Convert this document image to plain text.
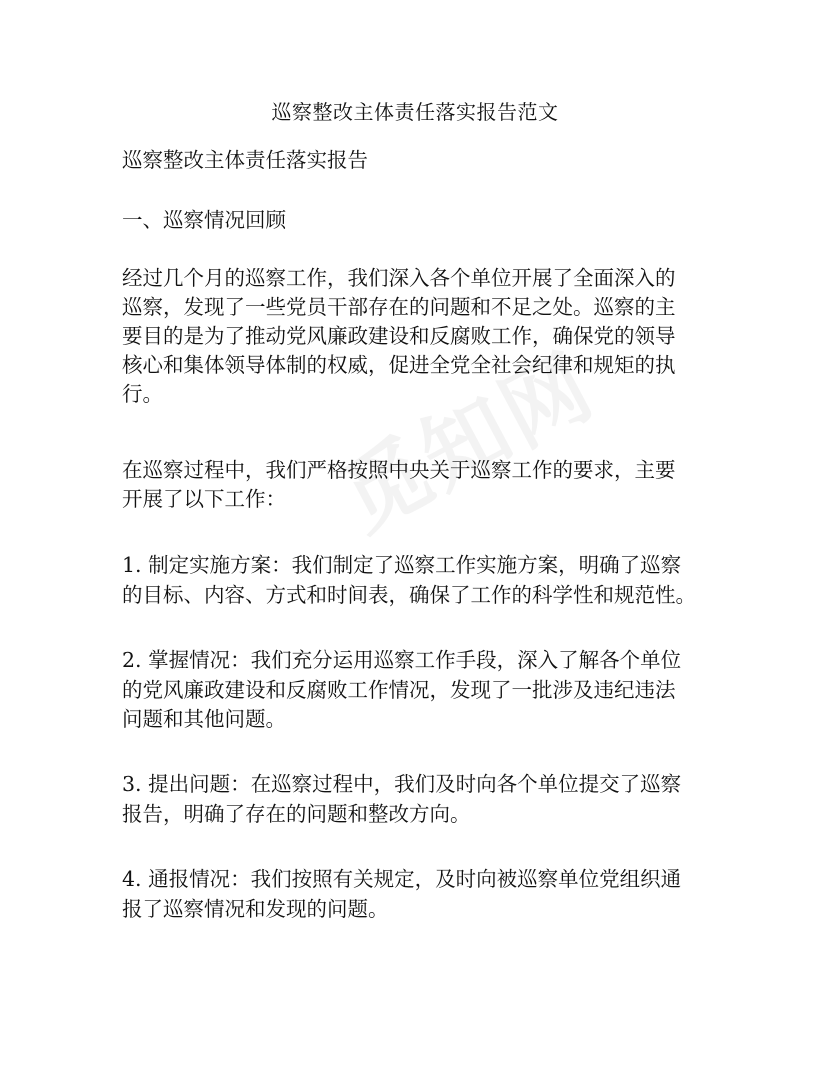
巡察整改主体责任落实报告范文
巡察整改主体责任落实报告
一、巡察情况回顾
经过几个月的巡察工作，我们深入各个单位开展了全面深入的
巡察，发现了一些党员干部存在的问题和不足之处。巡察的主
要目的是为了推动党风廉政建设和反腐败工作，确保党的领导
核心和集体领导体制的权威，促进全党全社会纪律和规矩的执
行。
在巡察过程中，我们严格按照中央关于巡察工作的要求，主要
开展了以下工作：
1. 制定实施方案：我们制定了巡察工作实施方案，明确了巡察
的目标、内容、方式和时间表，确保了工作的科学性和规范性。
2. 掌握情况：我们充分运用巡察工作手段，深入了解各个单位
的党风廉政建设和反腐败工作情况，发现了一批涉及违纪违法
问题和其他问题。
3. 提出问题：在巡察过程中，我们及时向各个单位提交了巡察
报告，明确了存在的问题和整改方向。
4. 通报情况：我们按照有关规定，及时向被巡察单位党组织通
报了巡察情况和发现的问题。
